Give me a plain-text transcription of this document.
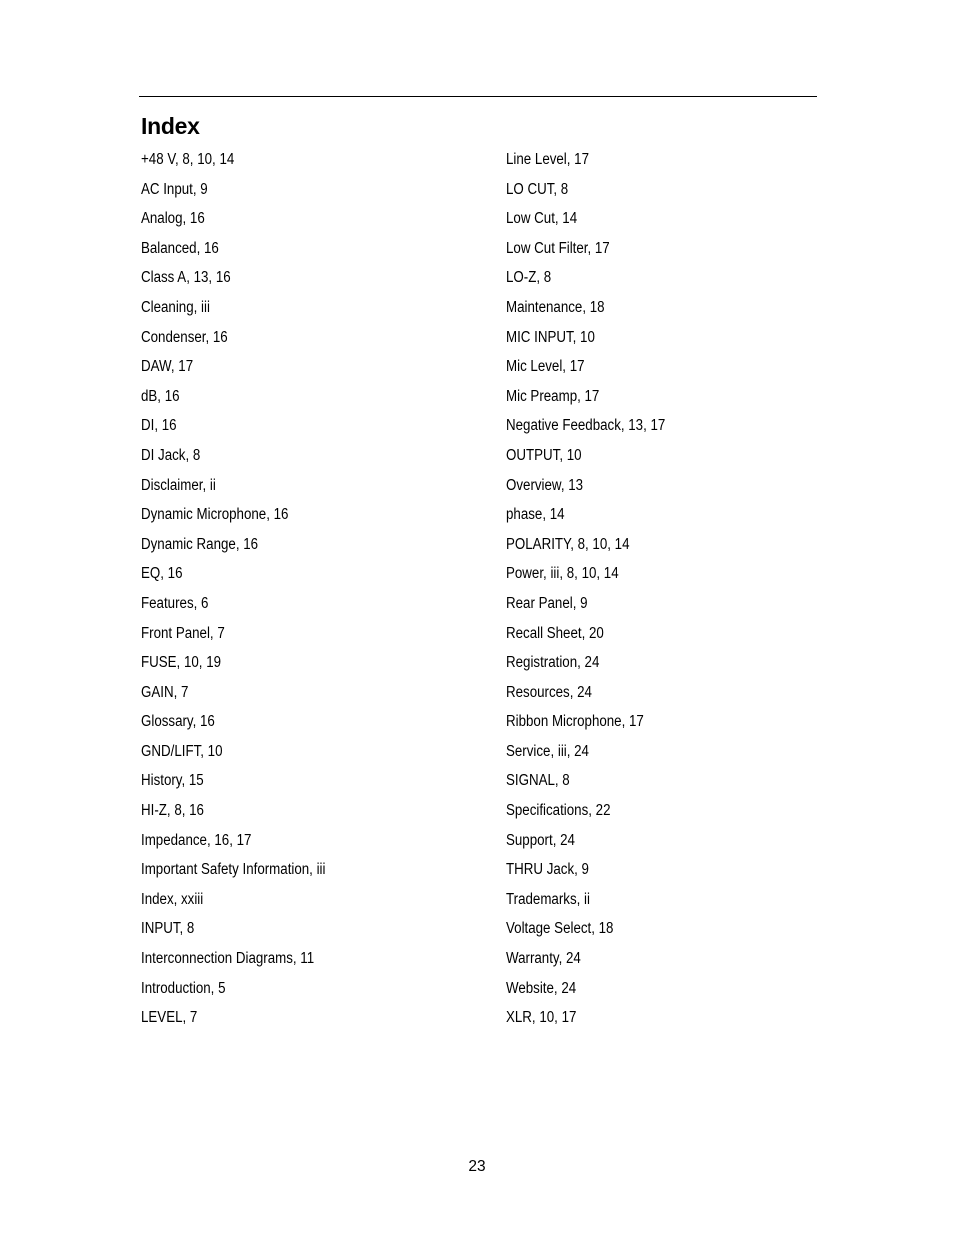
Index
+48 V, 8, 10, 14
AC Input, 9
Analog, 16
Balanced, 16
Class A, 13, 16
Cleaning, iii
Condenser, 16
DAW, 17
dB, 16
DI, 16
DI Jack, 8
Disclaimer, ii
Dynamic Microphone, 16
Dynamic Range, 16
EQ, 16
Features, 6
Front Panel, 7
FUSE, 10, 19
GAIN, 7
Glossary, 16
GND/LIFT, 10
History, 15
HI-Z, 8, 16
Impedance, 16, 17
Important Safety Information, iii
Index, xxiii
INPUT, 8
Interconnection Diagrams, 11
Introduction, 5
LEVEL, 7
Line Level, 17
LO CUT, 8
Low Cut, 14
Low Cut Filter, 17
LO-Z, 8
Maintenance, 18
MIC INPUT, 10
Mic Level, 17
Mic Preamp, 17
Negative Feedback, 13, 17
OUTPUT, 10
Overview, 13
phase, 14
POLARITY, 8, 10, 14
Power, iii, 8, 10, 14
Rear Panel, 9
Recall Sheet, 20
Registration, 24
Resources, 24
Ribbon Microphone, 17
Service, iii, 24
SIGNAL, 8
Specifications, 22
Support, 24
THRU Jack, 9
Trademarks, ii
Voltage Select, 18
Warranty, 24
Website, 24
XLR, 10, 17
23
